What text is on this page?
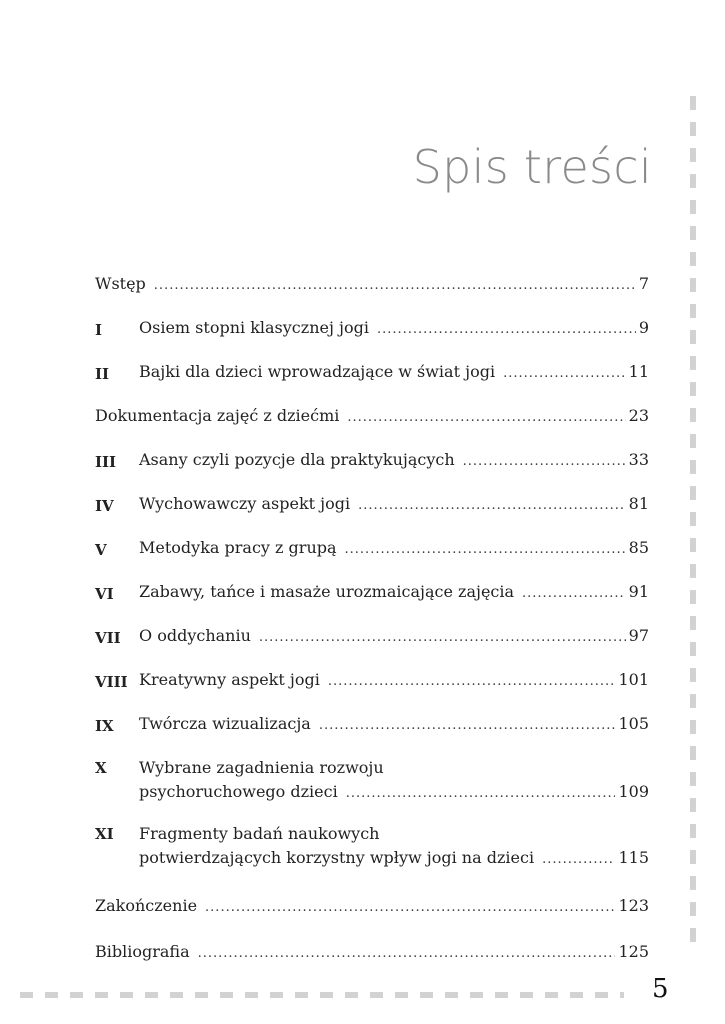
Spis treści
Wstęp .....	7
I	Osiem stopni klasycznej jogi .....	9
II	Bajki dla dzieci wprowadzające w świat jogi .....	11
Dokumentacja zajęć z dziećmi .....	23
III	Asany czyli pozycje dla praktykujących .....	33
IV	Wychowawczy aspekt jogi .....	81
V	Metodyka pracy z grupą .....	85
VI	Zabawy, tańce i masaże urozmaicające zajęcia .....	91
VII	O oddychaniu .....	97
VIII Kreatywny aspekt jogi .....	101
IX	Twórcza wizualizacja .....	105
X	Wybrane zagadnienia rozwoju
psychoruchowego dzieci .....	109
XI	Fragmenty badań naukowych
potwierdzających korzystny wpływ jogi na dzieci .....	115
Zakończenie .....	123
Bibliografia .....	125
5
